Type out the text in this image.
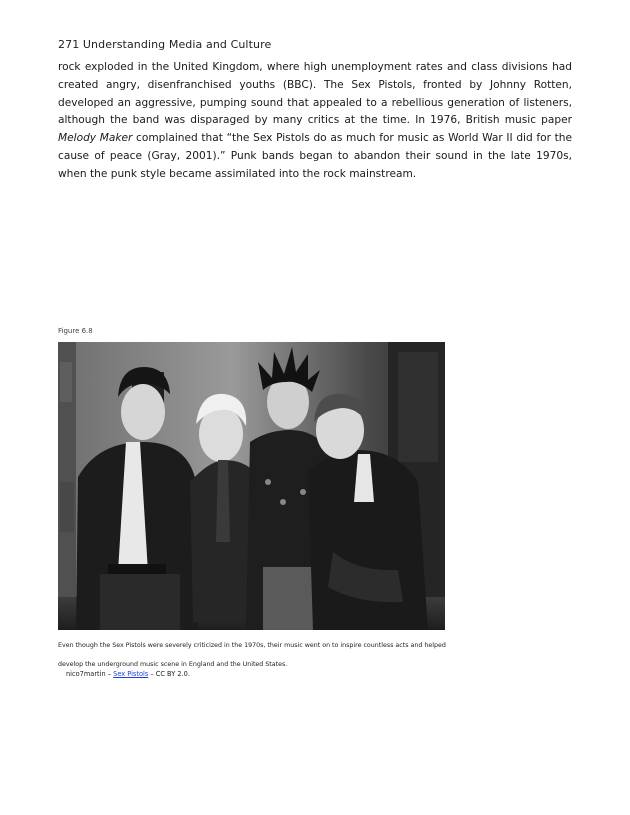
271 Understanding Media and Culture
rock exploded in the United Kingdom, where high unemployment rates and class divisions had created angry, disenfranchised youths (BBC). The Sex Pistols, fronted by Johnny Rotten, developed an aggressive, pumping sound that appealed to a rebellious generation of listeners, although the band was disparaged by many critics at the time. In 1976, British music paper Melody Maker complained that “the Sex Pistols do as much for music as World War II did for the cause of peace (Gray, 2001).” Punk bands began to abandon their sound in the late 1970s, when the punk style became assimilated into the rock mainstream.
Figure 6.8
Even though the Sex Pistols were severely criticized in the 1970s, their music went on to inspire countless acts and helped develop the underground music scene in England and the United States.
nico7martin – Sex Pistols – CC BY 2.0.
